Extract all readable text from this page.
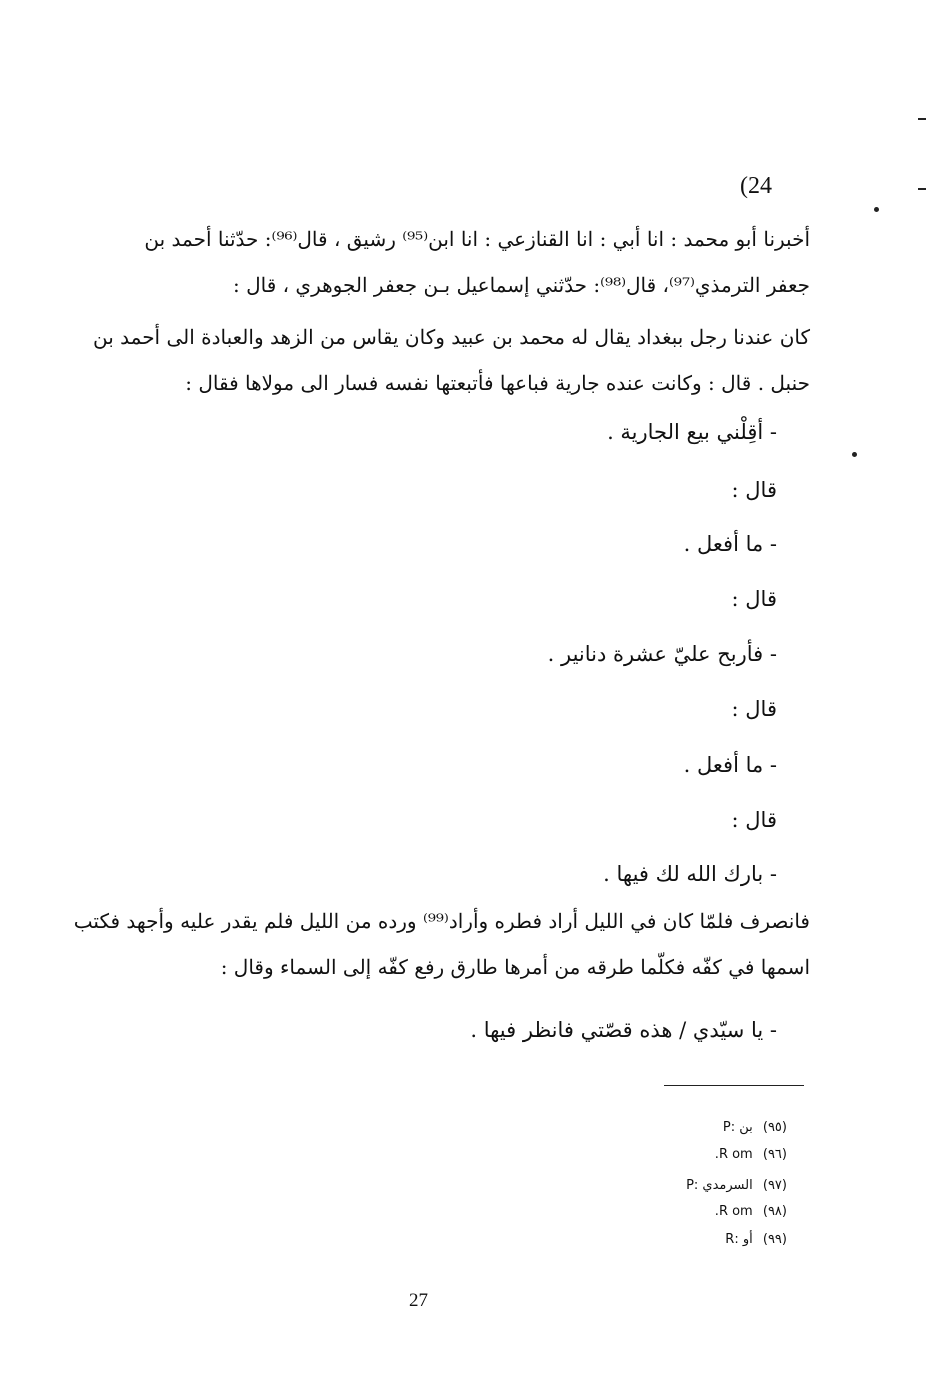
(24
أخبرنا أبو محمد : انا أبي : انا القنازعي : انا ابن⁽⁹⁵⁾ رشيق ، قال⁽⁹⁶⁾: حدّثنا أحمد بن
جعفر الترمذي⁽⁹⁷⁾، قال⁽⁹⁸⁾: حدّثني إسماعيل بـن جعفر الجوهري ، قال :
كان عندنا رجل ببغداد يقال له محمد بن عبيد وكان يقاس من الزهد والعبادة الى أحمد بن
حنبل . قال : وكانت عنده جارية فباعها فأتبعتها نفسه فسار الى مولاها فقال :
- أقِلْني بيع الجارية .
قال :
- ما أفعل .
قال :
- فأربح عليّ عشرة دنانير .
قال :
- ما أفعل .
قال :
- بارك الله لك فيها .
فانصرف فلمّا كان في الليل أراد فطره وأراد⁽⁹⁹⁾ ورده من الليل فلم يقدر عليه وأجهد فكتب
اسمها في كفّه فكلّما طرقه من أمرها طارق رفع كفّه إلى السماء وقال :
- يا سيّدي / هذه قصّتي فانظر فيها .
(٩٥) بن :P
(٩٦) R om.
(٩٧) السرمدي :P
(٩٨) R om.
(٩٩) أو :R
27
